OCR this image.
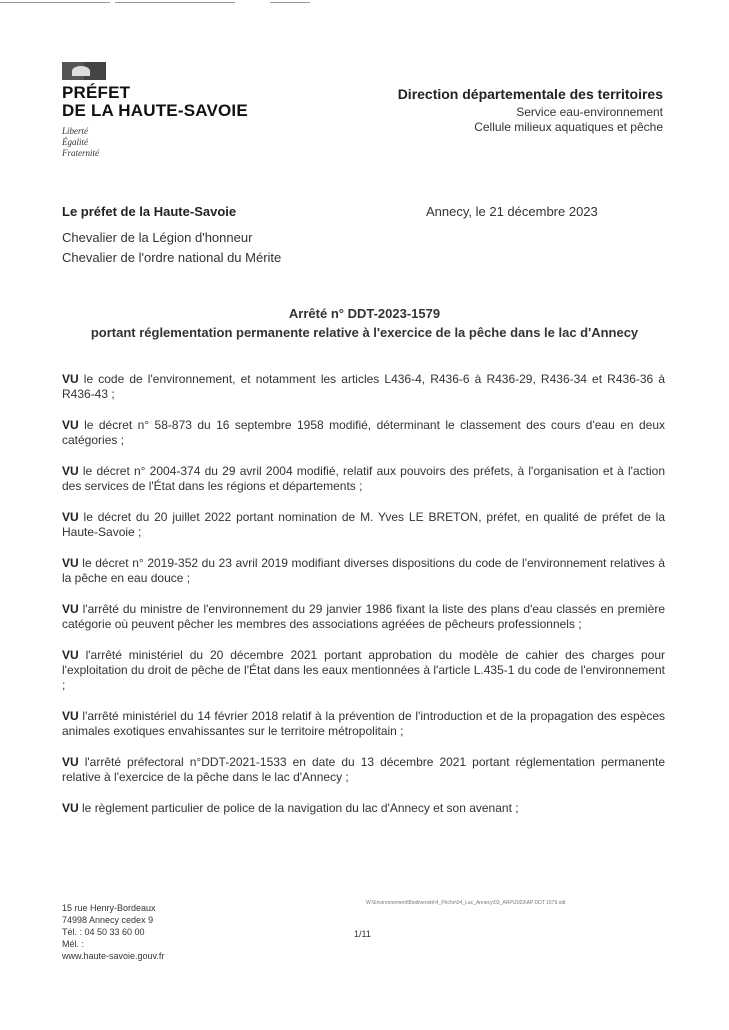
PRÉFET
DE LA HAUTE-SAVOIE
Liberté
Égalité
Fraternité
Direction départementale des territoires
Service eau-environnement
Cellule milieux aquatiques et pêche
Le préfet de la Haute-Savoie
Chevalier de la Légion d'honneur
Chevalier de l'ordre national du Mérite
Annecy, le 21 décembre 2023
Arrêté n° DDT-2023-1579
portant réglementation permanente relative à l'exercice de la pêche dans le lac d'Annecy

VU le code de l'environnement, et notamment les articles L436-4, R436-6 à R436-29, R436-34 et R436-36 à R436-43 ;

VU le décret n° 58-873 du 16 septembre 1958 modifié, déterminant le classement des cours d'eau en deux catégories ;

VU le décret n° 2004-374 du 29 avril 2004 modifié, relatif aux pouvoirs des préfets, à l'organisation et à l'action des services de l'État dans les régions et départements ;

VU le décret du 20 juillet 2022 portant nomination de M. Yves LE BRETON, préfet, en qualité de préfet de la Haute-Savoie ;

VU le décret n° 2019-352 du 23 avril 2019 modifiant diverses dispositions du code de l'environnement relatives à la pêche en eau douce ;

VU l'arrêté du ministre de l'environnement du 29 janvier 1986 fixant la liste des plans d'eau classés en première catégorie où peuvent pêcher les membres des associations agréées de pêcheurs professionnels ;

VU l'arrêté ministériel du 20 décembre 2021 portant approbation du modèle de cahier des charges pour l'exploitation du droit de pêche de l'État dans les eaux mentionnées à l'article L.435-1 du code de l'environnement ;

VU l'arrêté ministériel du 14 février 2018 relatif à la prévention de l'introduction et de la propagation des espèces animales exotiques envahissantes sur le territoire métropolitain ;

VU l'arrêté préfectoral n°DDT-2021-1533 en date du 13 décembre 2021 portant réglementation permanente relative à l'exercice de la pêche dans le lac d'Annecy ;

VU le règlement particulier de police de la navigation du lac d'Annecy et son avenant ;

15 rue Henry-Bordeaux
74998 Annecy cedex 9
Tél. : 04 50 33 60 00
Mél. :
www.haute-savoie.gouv.fr
W:\Environnement\Biodiversité\4_Pêche\04_Lac_Annecy\03_ARP\2023\AP DDT 1579.odt
1/11
